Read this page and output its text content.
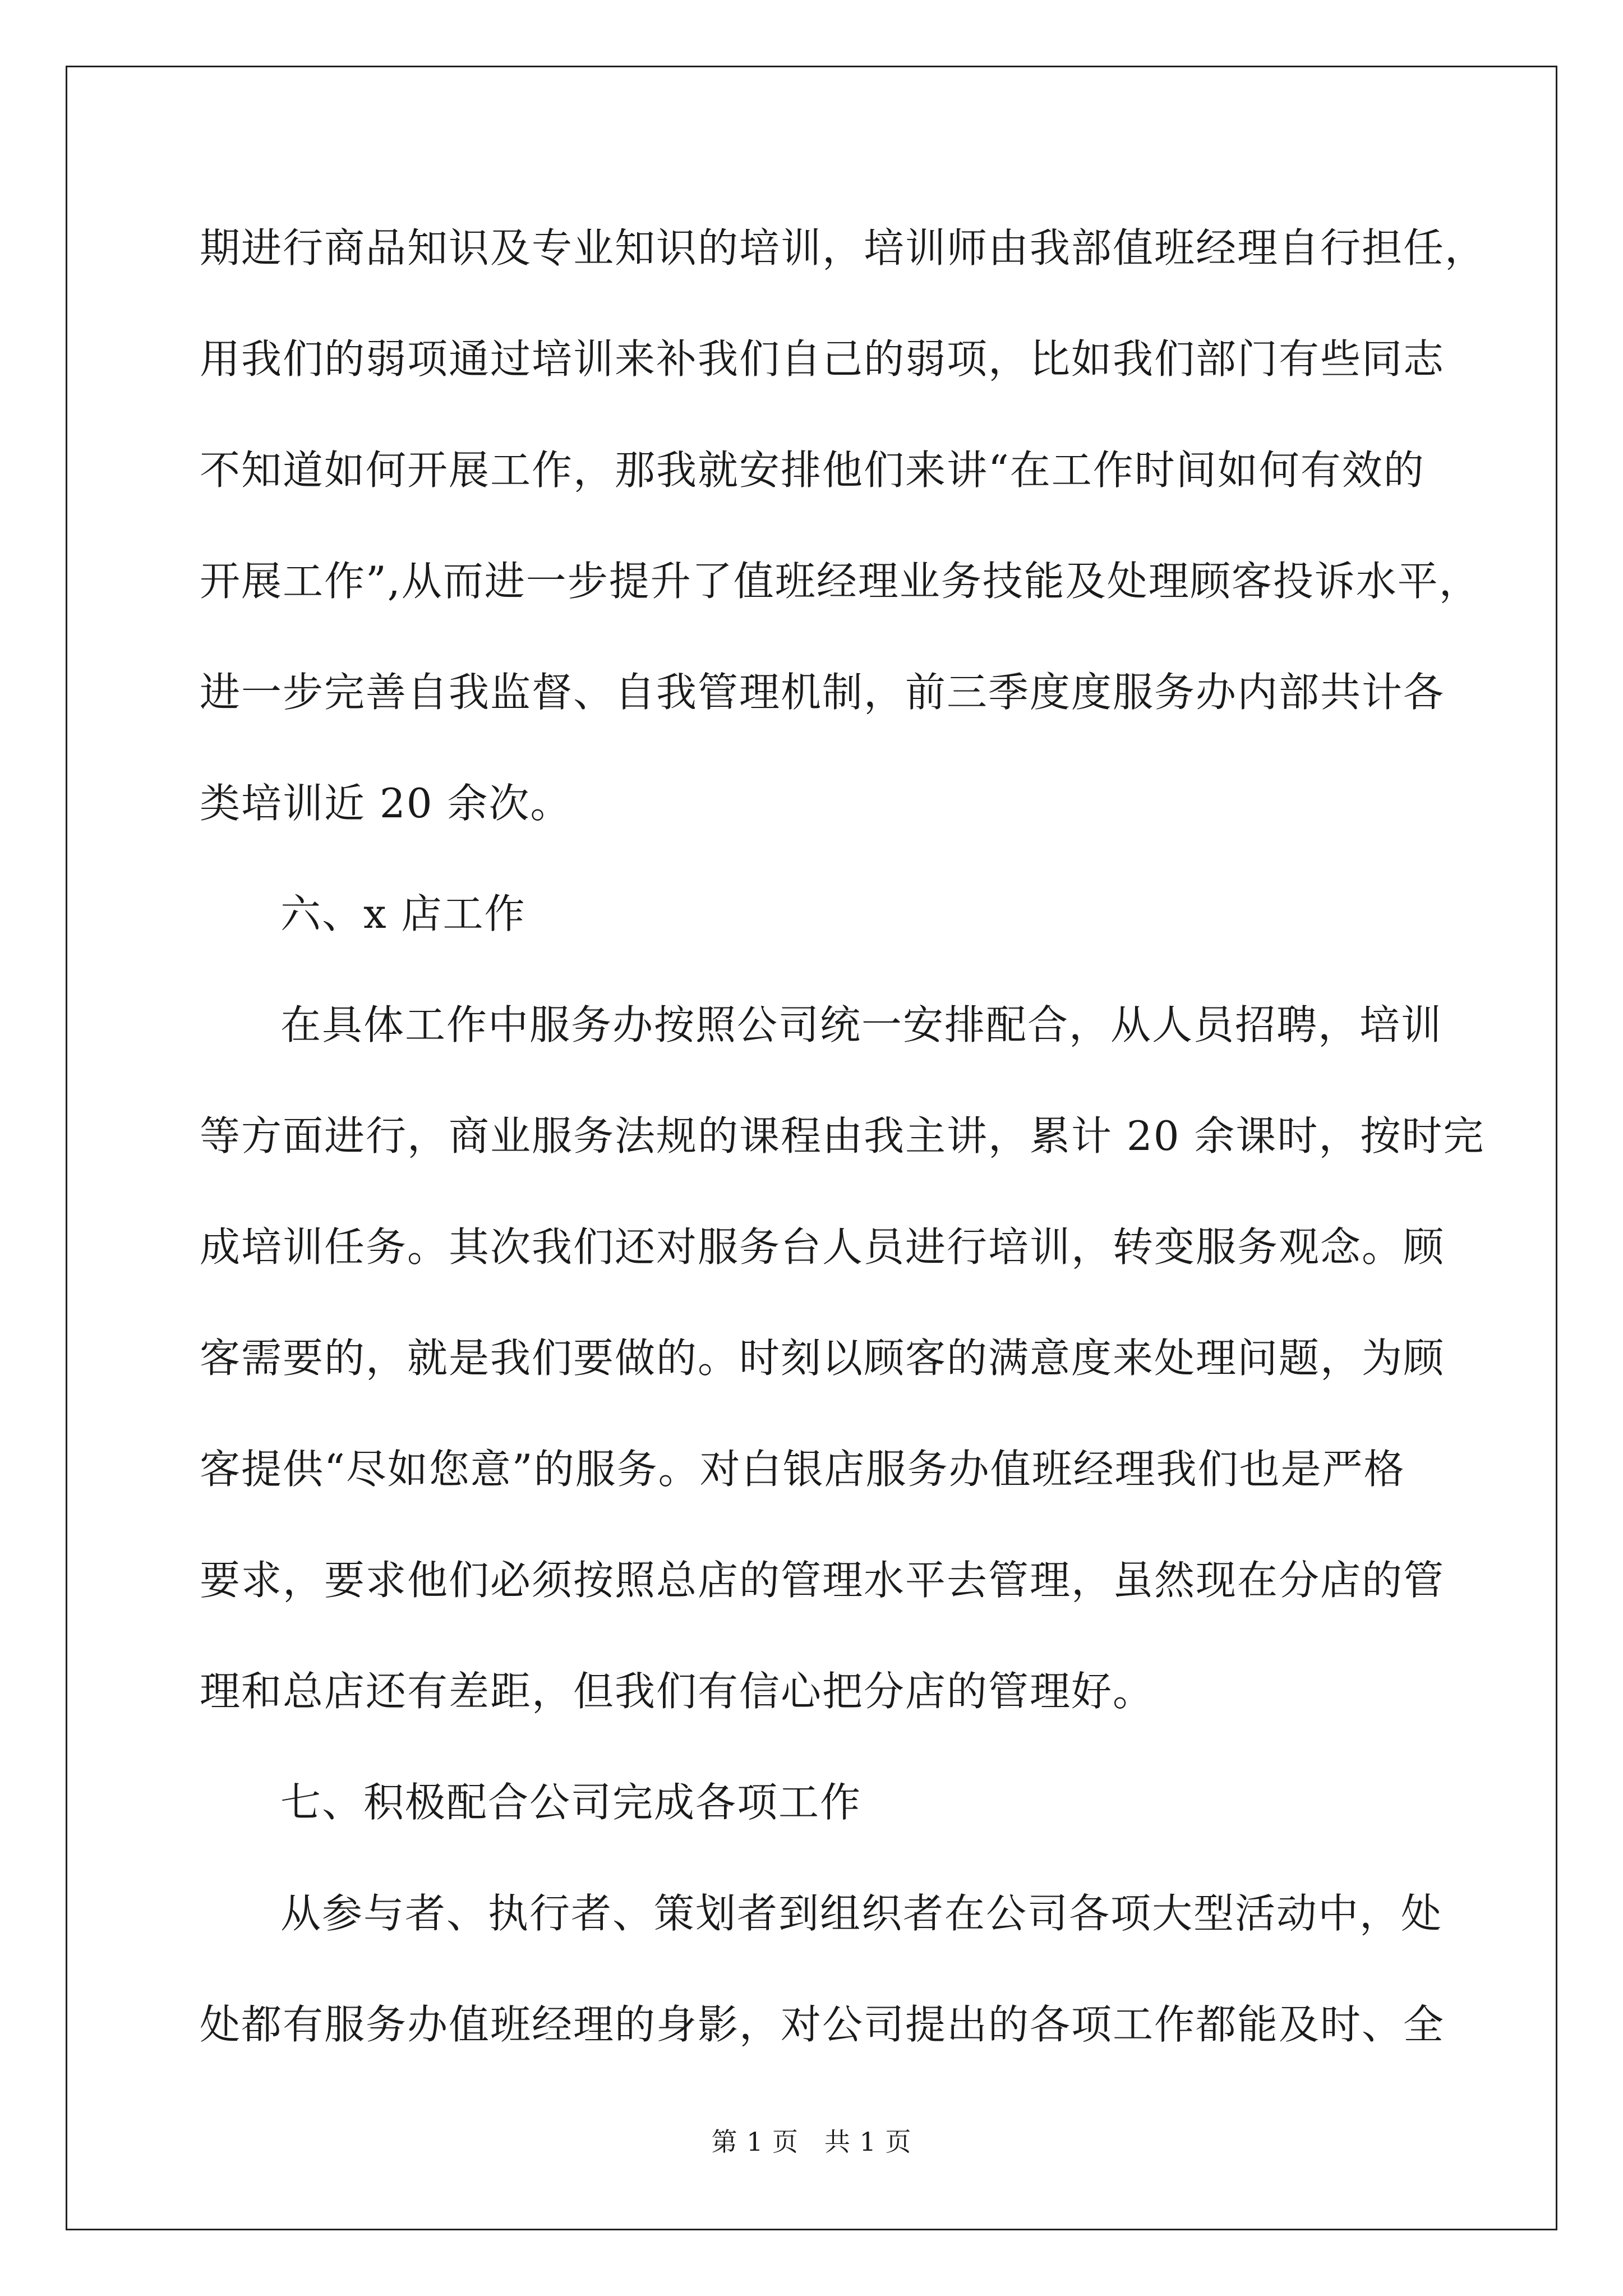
期进行商品知识及专业知识的培训，培训师由我部值班经理自行担任，
用我们的弱项通过培训来补我们自己的弱项，比如我们部门有些同志
不知道如何开展工作，那我就安排他们来讲“在工作时间如何有效的
开展工作”,从而进一步提升了值班经理业务技能及处理顾客投诉水平，
进一步完善自我监督、自我管理机制，前三季度度服务办内部共计各
类培训近 20 余次。
六、x 店工作
在具体工作中服务办按照公司统一安排配合，从人员招聘，培训
等方面进行，商业服务法规的课程由我主讲，累计 20 余课时，按时完
成培训任务。其次我们还对服务台人员进行培训，转变服务观念。顾
客需要的，就是我们要做的。时刻以顾客的满意度来处理问题，为顾
客提供“尽如您意”的服务。对白银店服务办值班经理我们也是严格
要求，要求他们必须按照总店的管理水平去管理，虽然现在分店的管
理和总店还有差距，但我们有信心把分店的管理好。
七、积极配合公司完成各项工作
从参与者、执行者、策划者到组织者在公司各项大型活动中，处
处都有服务办值班经理的身影，对公司提出的各项工作都能及时、全
第 1 页 共 1 页
